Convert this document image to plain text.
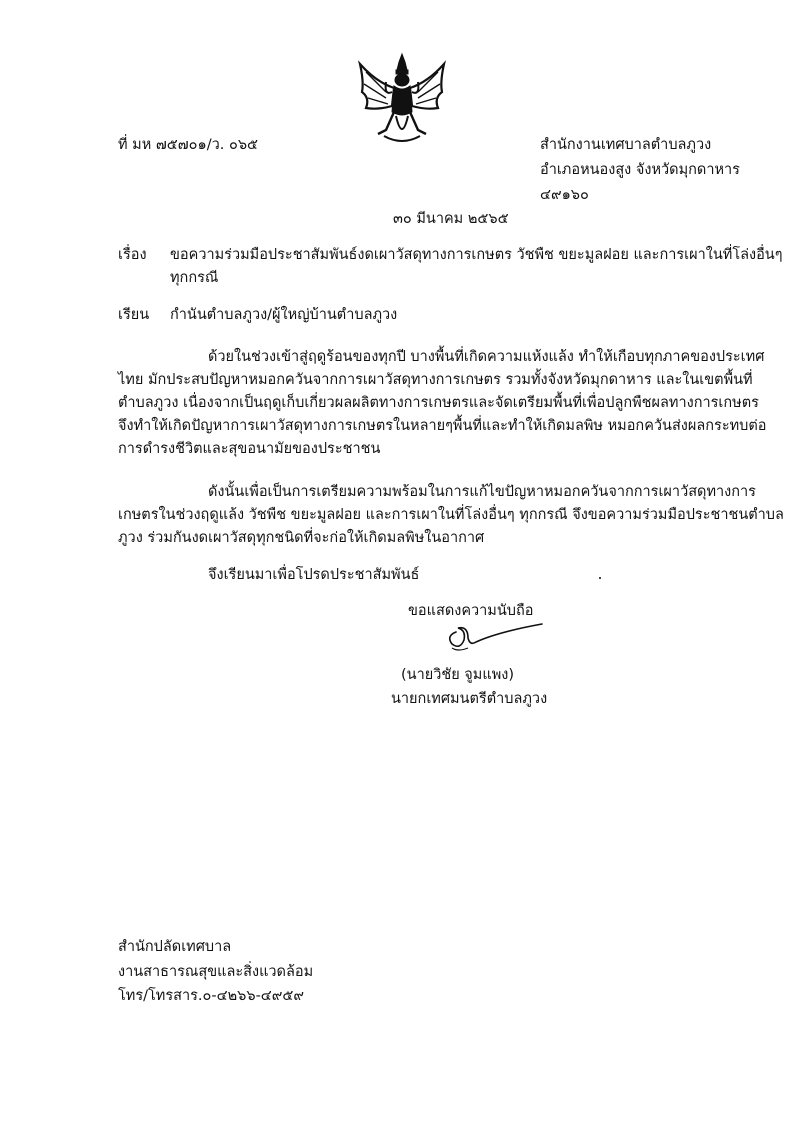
ที่ มห ๗๕๗๐๑/ว. ๐๖๕	สำนักงานเทศบาลตำบลภูวง
อำเภอหนองสูง จังหวัดมุกดาหาร
๔๙๑๖๐
๓๐ มีนาคม ๒๕๖๕
เรื่อง ขอความร่วมมือประชาสัมพันธ์งดเผาวัสดุทางการเกษตร วัชพืช ขยะมูลฝอย และการเผาในที่โล่งอื่นๆ
ทุกกรณี
เรียน กำนันตำบลภูวง/ผู้ใหญ่บ้านตำบลภูวง
ด้วยในช่วงเข้าสู่ฤดูร้อนของทุกปี บางพื้นที่เกิดความแห้งแล้ง ทำให้เกือบทุกภาคของประเทศ
ไทย มักประสบปัญหาหมอกควันจากการเผาวัสดุทางการเกษตร รวมทั้งจังหวัดมุกดาหาร และในเขตพื้นที่
ตำบลภูวง เนื่องจากเป็นฤดูเก็บเกี่ยวผลผลิตทางการเกษตรและจัดเตรียมพื้นที่เพื่อปลูกพืชผลทางการเกษตร
จึงทำให้เกิดปัญหาการเผาวัสดุทางการเกษตรในหลายๆพื้นที่และทำให้เกิดมลพิษ หมอกควันส่งผลกระทบต่อ
การดำรงชีวิตและสุขอนามัยของประชาชน
ดังนั้นเพื่อเป็นการเตรียมความพร้อมในการแก้ไขปัญหาหมอกควันจากการเผาวัสดุทางการ
เกษตรในช่วงฤดูแล้ง วัชพืช ขยะมูลฝอย และการเผาในที่โล่งอื่นๆ ทุกกรณี จึงขอความร่วมมือประชาชนตำบล
ภูวง ร่วมกันงดเผาวัสดุทุกชนิดที่จะก่อให้เกิดมลพิษในอากาศ
จึงเรียนมาเพื่อโปรดประชาสัมพันธ์
ขอแสดงความนับถือ
(นายวิชัย จูมแพง)
นายกเทศมนตรีตำบลภูวง
สำนักปลัดเทศบาล
งานสาธารณสุขและสิ่งแวดล้อม
โทร/โทรสาร.๐-๔๒๖๖-๔๙๕๙
